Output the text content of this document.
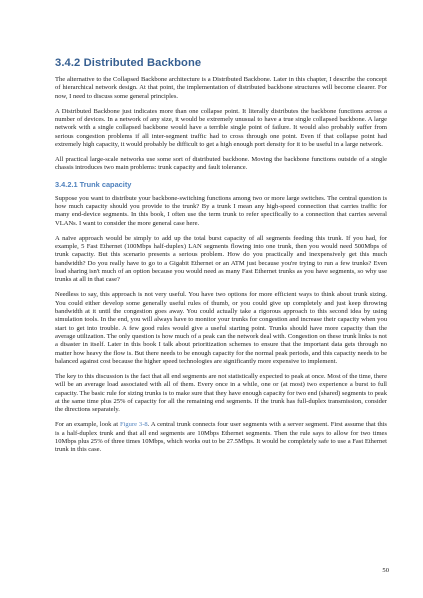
3.4.2 Distributed Backbone

The alternative to the Collapsed Backbone architecture is a Distributed Backbone. Later in this chapter, I describe the concept of hierarchical network design. At that point, the implementation of distributed backbone structures will become clearer. For now, I need to discuss some general principles.

A Distributed Backbone just indicates more than one collapse point. It literally distributes the backbone functions across a number of devices. In a network of any size, it would be extremely unusual to have a true single collapsed backbone. A large network with a single collapsed backbone would have a terrible single point of failure. It would also probably suffer from serious congestion problems if all inter-segment traffic had to cross through one point. Even if that collapse point had extremely high capacity, it would probably be difficult to get a high enough port density for it to be useful in a large network.

All practical large-scale networks use some sort of distributed backbone. Moving the backbone functions outside of a single chassis introduces two main problems: trunk capacity and fault tolerance.

3.4.2.1 Trunk capacity

Suppose you want to distribute your backbone-switching functions among two or more large switches. The central question is how much capacity should you provide to the trunk? By a trunk I mean any high-speed connection that carries traffic for many end-device segments. In this book, I often use the term trunk to refer specifically to a connection that carries several VLANs. I want to consider the more general case here.

A naïve approach would be simply to add up the total burst capacity of all segments feeding this trunk. If you had, for example, 5 Fast Ethernet (100Mbps half-duplex) LAN segments flowing into one trunk, then you would need 500Mbps of trunk capacity. But this scenario presents a serious problem. How do you practically and inexpensively get this much bandwidth? Do you really have to go to a Gigabit Ethernet or an ATM just because you're trying to run a few trunks? Even load sharing isn't much of an option because you would need as many Fast Ethernet trunks as you have segments, so why use trunks at all in that case?

Needless to say, this approach is not very useful. You have two options for more efficient ways to think about trunk sizing. You could either develop some generally useful rules of thumb, or you could give up completely and just keep throwing bandwidth at it until the congestion goes away. You could actually take a rigorous approach to this second idea by using simulation tools. In the end, you will always have to monitor your trunks for congestion and increase their capacity when you start to get into trouble. A few good rules would give a useful starting point. Trunks should have more capacity than the average utilization. The only question is how much of a peak can the network deal with. Congestion on these trunk links is not a disaster in itself. Later in this book I talk about prioritization schemes to ensure that the important data gets through no matter how heavy the flow is. But there needs to be enough capacity for the normal peak periods, and this capacity needs to be balanced against cost because the higher speed technologies are significantly more expensive to implement.

The key to this discussion is the fact that all end segments are not statistically expected to peak at once. Most of the time, there will be an average load associated with all of them. Every once in a while, one or (at most) two experience a burst to full capacity. The basic rule for sizing trunks is to make sure that they have enough capacity for two end (shared) segments to peak at the same time plus 25% of capacity for all the remaining end segments. If the trunk has full-duplex transmission, consider the directions separately.

For an example, look at Figure 3-8. A central trunk connects four user segments with a server segment. First assume that this is a half-duplex trunk and that all end segments are 10Mbps Ethernet segments. Then the rule says to allow for two times 10Mbps plus 25% of three times 10Mbps, which works out to be 27.5Mbps. It would be completely safe to use a Fast Ethernet trunk in this case.

50
